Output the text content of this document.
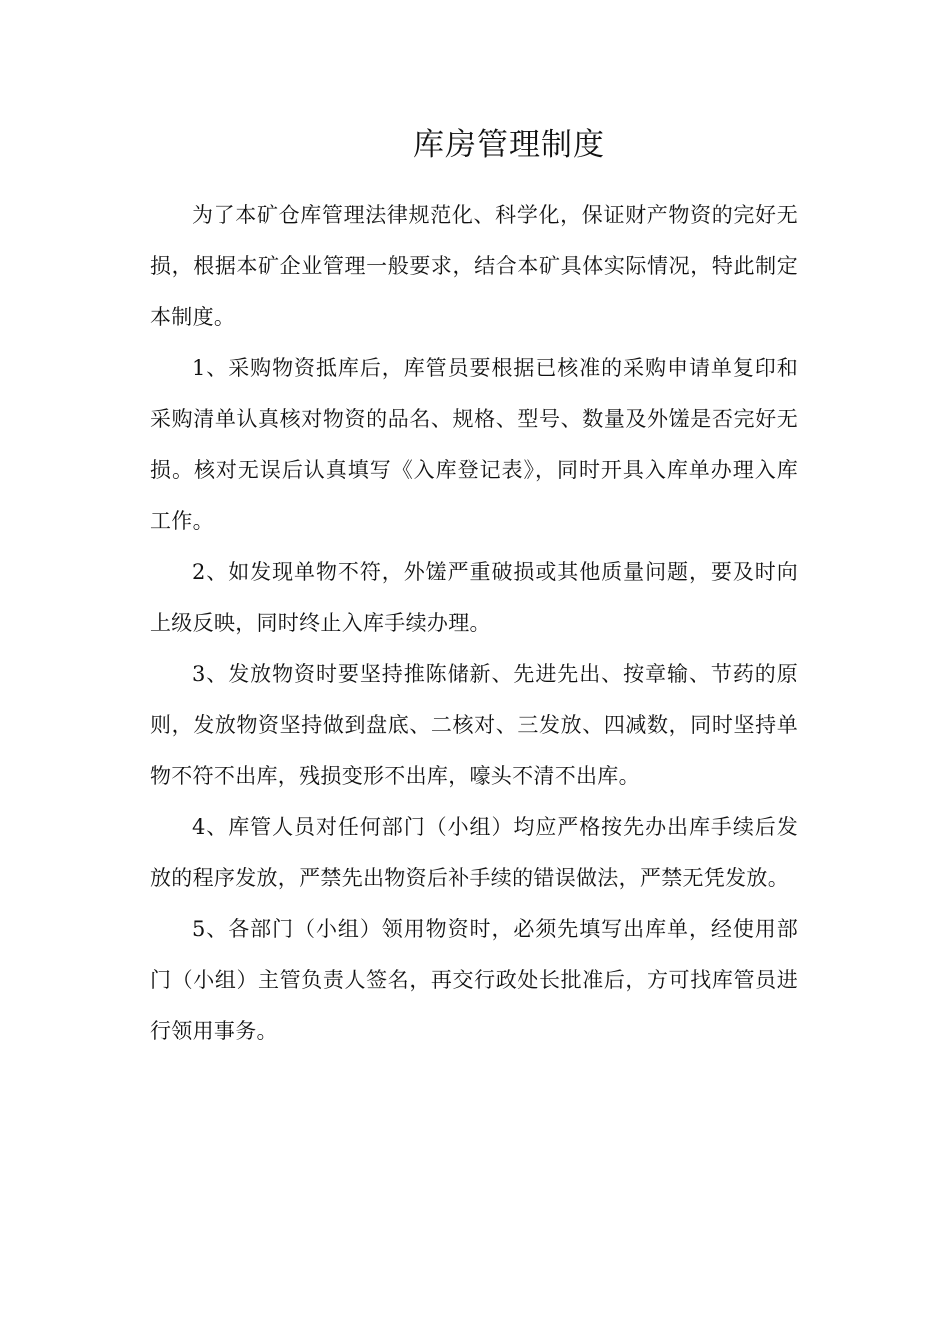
库房管理制度

为了本矿仓库管理法律规范化、科学化，保证财产物资的完好无损，根据本矿企业管理一般要求，结合本矿具体实际情况，特此制定本制度。

1、采购物资抵库后，库管员要根据已核准的采购申请单复印和采购清单认真核对物资的品名、规格、型号、数量及外馐是否完好无损。核对无误后认真填写《入库登记表》，同时开具入库单办理入库工作。

2、如发现单物不符，外馐严重破损或其他质量问题，要及时向上级反映，同时终止入库手续办理。

3、发放物资时要坚持推陈储新、先进先出、按章输、节药的原则，发放物资坚持做到盘底、二核对、三发放、四减数，同时坚持单物不符不出库，残损变形不出库，嚎头不清不出库。

4、库管人员对任何部门（小组）均应严格按先办出库手续后发放的程序发放，严禁先出物资后补手续的错误做法，严禁无凭发放。

5、各部门（小组）领用物资时，必须先填写出库单，经使用部门（小组）主管负责人签名，再交行政处长批准后，方可找库管员进行领用事务。
